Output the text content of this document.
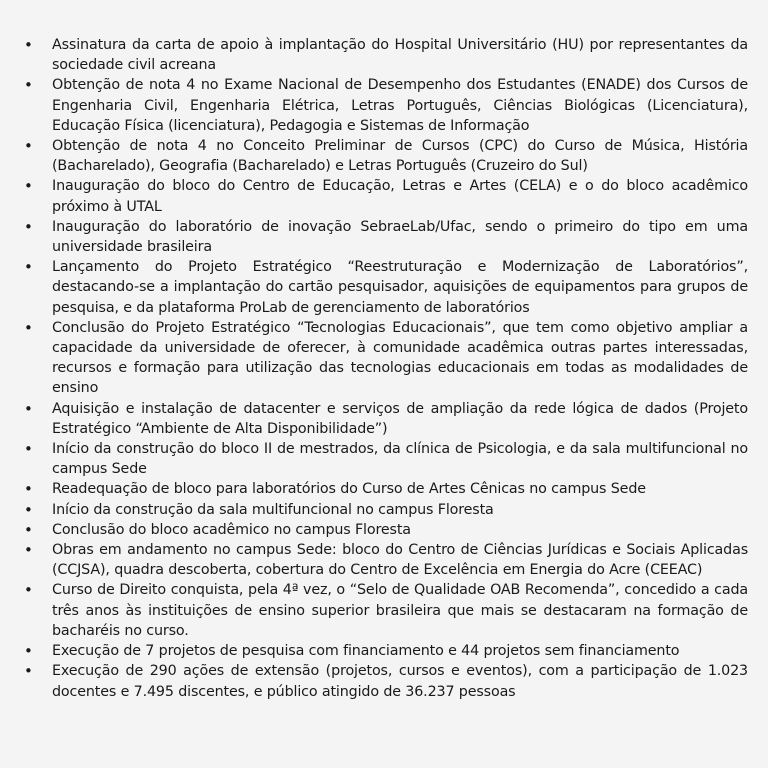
•	Assinatura da carta de apoio à implantação do Hospital Universitário (HU) por representantes da sociedade civil acreana
•	Obtenção de nota 4 no Exame Nacional de Desempenho dos Estudantes (ENADE) dos Cursos de Engenharia Civil, Engenharia Elétrica, Letras Português, Ciências Biológicas (Licenciatura), Educação Física (licenciatura), Pedagogia e Sistemas de Informação
•	Obtenção de nota 4 no Conceito Preliminar de Cursos (CPC) do Curso de Música, História (Bacharelado), Geografia (Bacharelado) e Letras Português (Cruzeiro do Sul)
•	Inauguração do bloco do Centro de Educação, Letras e Artes (CELA) e o do bloco acadêmico próximo à UTAL
•	Inauguração do laboratório de inovação SebraeLab/Ufac, sendo o primeiro do tipo em uma universidade brasileira
•	Lançamento do Projeto Estratégico “Reestruturação e Modernização de Laboratórios”, destacando-se a implantação do cartão pesquisador, aquisições de equipamentos para grupos de pesquisa, e da plataforma ProLab de gerenciamento de laboratórios
•	Conclusão do Projeto Estratégico “Tecnologias Educacionais”, que tem como objetivo ampliar a capacidade da universidade de oferecer, à comunidade acadêmica outras partes interessadas, recursos e formação para utilização das tecnologias educacionais em todas as modalidades de ensino
•	Aquisição e instalação de datacenter e serviços de ampliação da rede lógica de dados (Projeto Estratégico “Ambiente de Alta Disponibilidade”)
•	Início da construção do bloco II de mestrados, da clínica de Psicologia, e da sala multifuncional no campus Sede
•	Readequação de bloco para laboratórios do Curso de Artes Cênicas no campus Sede
•	Início da construção da sala multifuncional no campus Floresta
•	Conclusão do bloco acadêmico no campus Floresta
•	Obras em andamento no campus Sede: bloco do Centro de Ciências Jurídicas e Sociais Aplicadas (CCJSA), quadra descoberta, cobertura do Centro de Excelência em Energia do Acre (CEEAC)
•	Curso de Direito conquista, pela 4ª vez, o “Selo de Qualidade OAB Recomenda”, concedido a cada três anos às instituições de ensino superior brasileira que mais se destacaram na formação de bacharéis no curso.
•	Execução de 7 projetos de pesquisa com financiamento e 44 projetos sem financiamento
•	Execução de 290 ações de extensão (projetos, cursos e eventos), com a participação de 1.023 docentes e 7.495 discentes, e público atingido de 36.237 pessoas
